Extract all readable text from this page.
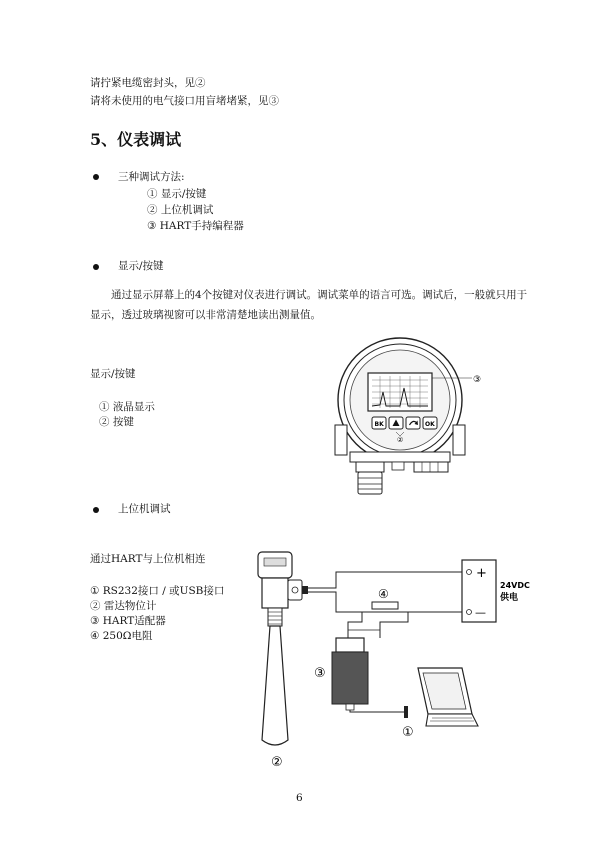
请拧紧电缆密封头，见②
请将未使用的电气接口用盲堵堵紧，见③
5、仪表调试
三种调试方法:
① 显示/按键
② 上位机调试
③ HART手持编程器
显示/按键
通过显示屏幕上的4个按键对仪表进行调试。调试菜单的语言可选。调试后，一般就只用于显示，透过玻璃视窗可以非常清楚地读出测量值。
显示/按键
① 液晶显示
② 按键
③
BK	OK
②
上位机调试
通过HART与上位机相连
① RS232接口 / 或USB接口
② 雷达物位计
③ HART适配器
④ 250Ω电阻
②
+
—
24VDC
供电
④
③
①
6
